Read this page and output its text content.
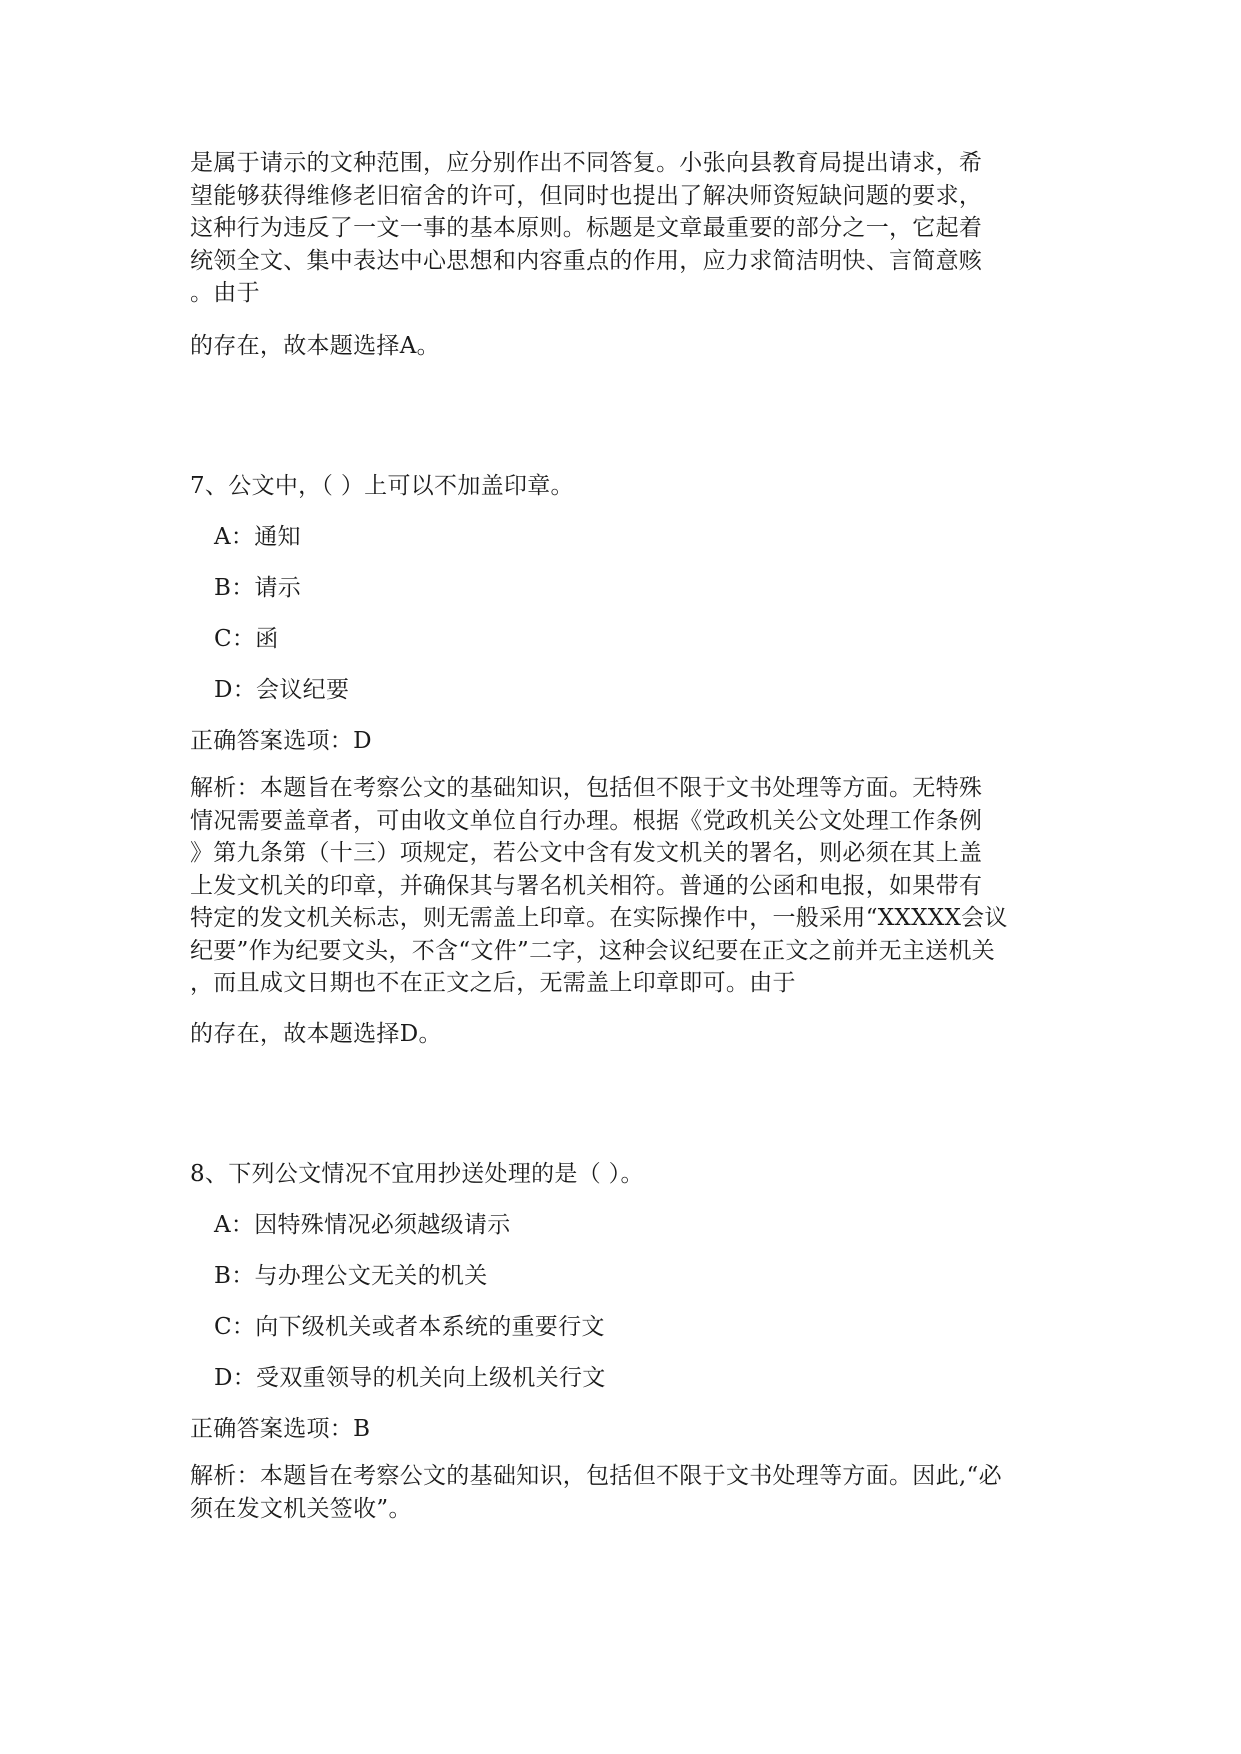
是属于请示的文种范围，应分别作出不同答复。小张向县教育局提出请求，希
望能够获得维修老旧宿舍的许可，但同时也提出了解决师资短缺问题的要求，
这种行为违反了一文一事的基本原则。标题是文章最重要的部分之一，它起着
统领全文、集中表达中心思想和内容重点的作用，应力求简洁明快、言简意赅
。由于
的存在，故本题选择A。
7、公文中，（ ）上可以不加盖印章。
A：通知
B：请示
C：函
D：会议纪要
正确答案选项：D
解析：本题旨在考察公文的基础知识，包括但不限于文书处理等方面。无特殊
情况需要盖章者，可由收文单位自行办理。根据《党政机关公文处理工作条例
》第九条第（十三）项规定，若公文中含有发文机关的署名，则必须在其上盖
上发文机关的印章，并确保其与署名机关相符。普通的公函和电报，如果带有
特定的发文机关标志，则无需盖上印章。在实际操作中，一般采用“XXXXX会议
纪要”作为纪要文头，不含“文件”二字，这种会议纪要在正文之前并无主送机关
，而且成文日期也不在正文之后，无需盖上印章即可。由于
的存在，故本题选择D。
8、下列公文情况不宜用抄送处理的是（ ）。
A：因特殊情况必须越级请示
B：与办理公文无关的机关
C：向下级机关或者本系统的重要行文
D：受双重领导的机关向上级机关行文
正确答案选项：B
解析：本题旨在考察公文的基础知识，包括但不限于文书处理等方面。因此,“必
须在发文机关签收”。
